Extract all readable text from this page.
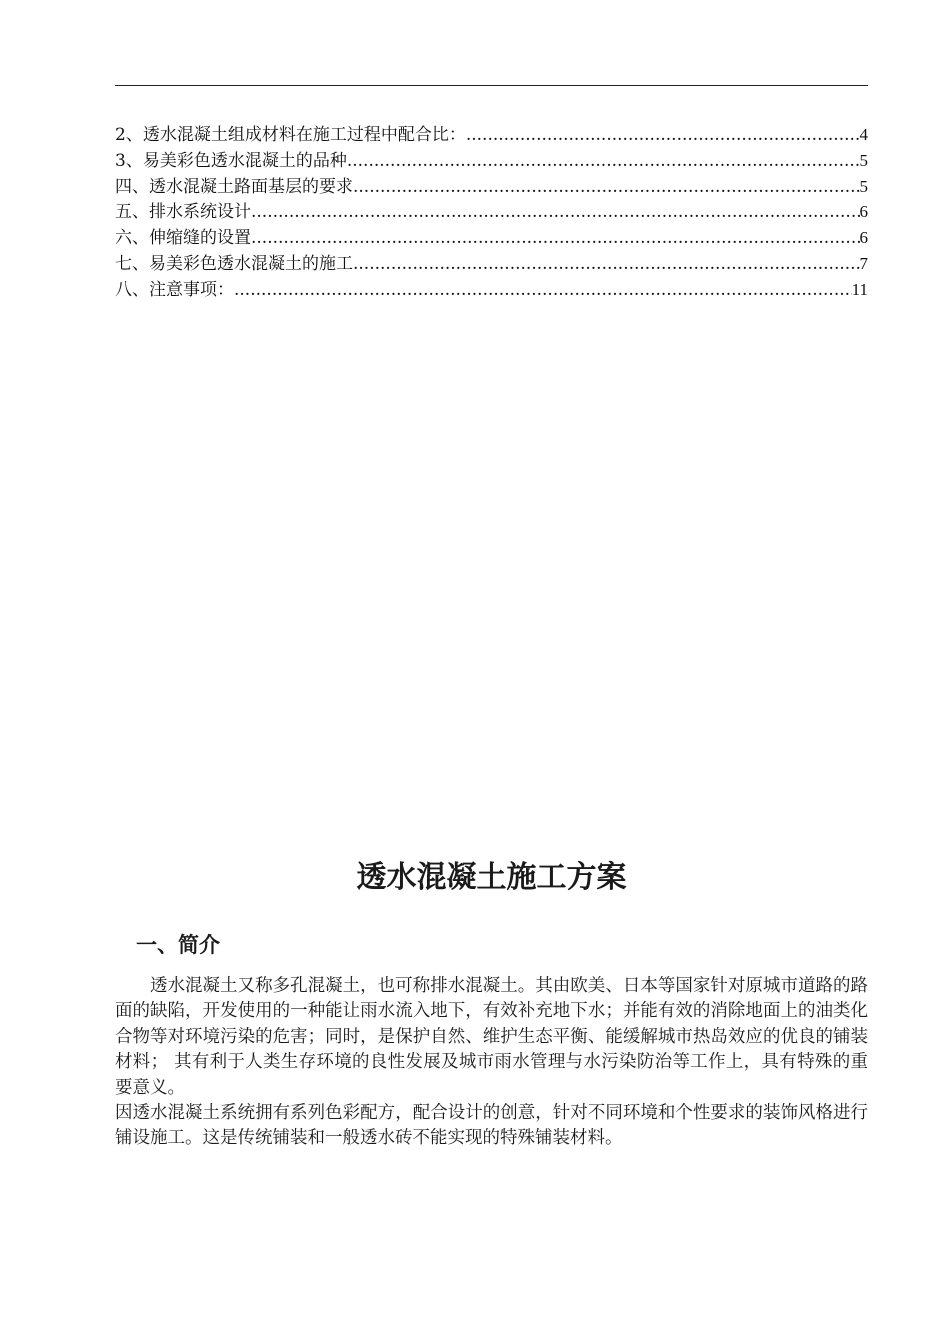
2、透水混凝土组成材料在施工过程中配合比： .....	4
3、易美彩色透水混凝土的品种 .....	5
四、透水混凝土路面基层的要求 .....	5
五、排水系统设计 .....	6
六、伸缩缝的设置 .....	6
七、易美彩色透水混凝土的施工 .....	7
八、注意事项： .....	11
透水混凝土施工方案
一、简介

透水混凝土又称多孔混凝土，也可称排水混凝土。其由欧美、日本等国家针对原城市道路的路面的缺陷，开发使用的一种能让雨水流入地下，有效补充地下水；并能有效的消除地面上的油类化合物等对环境污染的危害；同时，是保护自然、维护生态平衡、能缓解城市热岛效应的优良的铺装材料； 其有利于人类生存环境的良性发展及城市雨水管理与水污染防治等工作上，具有特殊的重要意义。

因透水混凝土系统拥有系列色彩配方，配合设计的创意，针对不同环境和个性要求的装饰风格进行铺设施工。这是传统铺装和一般透水砖不能实现的特殊铺装材料。
